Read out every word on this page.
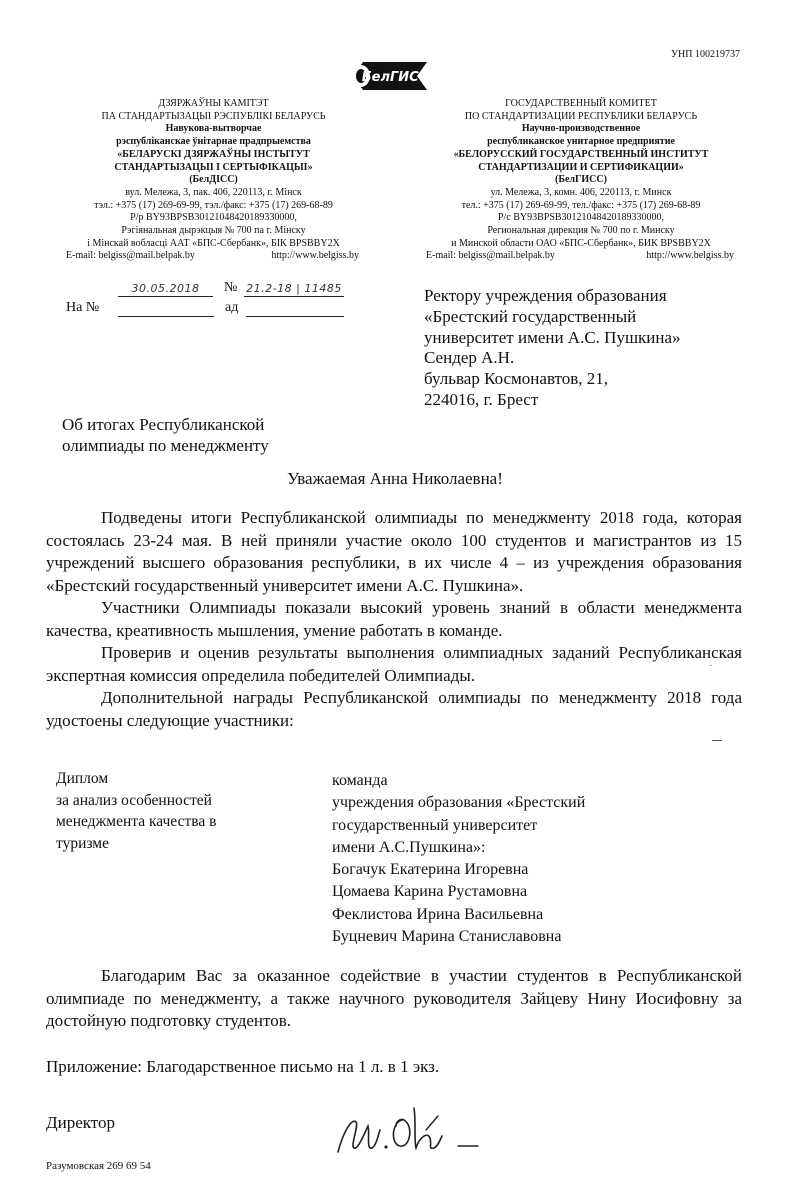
УНП 100219737
БелГИСС
ДЗЯРЖАЎНЫ КАМІТЭТ
ПА СТАНДАРТЫЗАЦЫІ РЭСПУБЛІКІ БЕЛАРУСЬ
Навукова-вытворчае
рэспубліканскае ўнітарнае прадпрыемства
«БЕЛАРУСКІ ДЗЯРЖАЎНЫ ІНСТЫТУТ
СТАНДАРТЫЗАЦЫІ І СЕРТЫФІКАЦЫІ»
(БелДІСС)
вул. Мележа, 3, пак. 406, 220113, г. Мінск
тэл.: +375 (17) 269-69-99, тэл./факс: +375 (17) 269-68-89
Р/р BY93BPSB30121048420189330000,
Рэгіянальная дырэкцыя № 700 па г. Мінску
і Мінскай вобласці ААТ «БПС-Сбербанк», БІК BPSBBY2X
E-mail: belgiss@mail.belpak.by	http://www.belgiss.by
ГОСУДАРСТВЕННЫЙ КОМИТЕТ
ПО СТАНДАРТИЗАЦИИ РЕСПУБЛИКИ БЕЛАРУСЬ
Научно-производственное
республиканское унитарное предприятие
«БЕЛОРУССКИЙ ГОСУДАРСТВЕННЫЙ ИНСТИТУТ
СТАНДАРТИЗАЦИИ И СЕРТИФИКАЦИИ»
(БелГИСС)
ул. Мележа, 3, комн. 406, 220113, г. Минск
тел.: +375 (17) 269-69-99, тел./факс: +375 (17) 269-68-89
Р/с BY93BPSB30121048420189330000,
Региональная дирекция № 700 по г. Минску
и Минской области ОАО «БПС-Сбербанк», БИК BPSBBY2X
E-mail: belgiss@mail.belpak.by	http://www.belgiss.by
30.05.2018	№ 21.2-18 | 11485
На №	ад
Ректору учреждения образования
«Брестский государственный
университет имени А.С. Пушкина»
Сендер А.Н.
бульвар Космонавтов, 21,
224016, г. Брест
Об итогах Республиканской
олимпиады по менеджменту
Уважаемая Анна Николаевна!

Подведены итоги Республиканской олимпиады по менеджменту 2018 года, которая состоялась 23-24 мая. В ней приняли участие около 100 студентов и магистрантов из 15 учреждений высшего образования республики, в их числе 4 – из учреждения образования «Брестский государственный университет имени А.С. Пушкина».

Участники Олимпиады показали высокий уровень знаний в области менеджмента качества, креативность мышления, умение работать в команде.

Проверив и оценив результаты выполнения олимпиадных заданий Республиканская экспертная комиссия определила победителей Олимпиады.

Дополнительной награды Республиканской олимпиады по менеджменту 2018 года удостоены следующие участники:

·
Диплом
за анализ особенностей
менеджмента качества в
туризме
команда
учреждения образования «Брестский
государственный университет
имени А.С.Пушкина»:
Богачук Екатерина Игоревна
Цомаева Карина Рустамовна
Феклистова Ирина Васильевна
Буцневич Марина Станиславовна

Благодарим Вас за оказанное содействие в участии студентов в Республиканской олимпиаде по менеджменту, а также научного руководителя Зайцеву Нину Иосифовну за достойную подготовку студентов.

Приложение: Благодарственное письмо на 1 л. в 1 экз.
Директор
Разумовская 269 69 54
